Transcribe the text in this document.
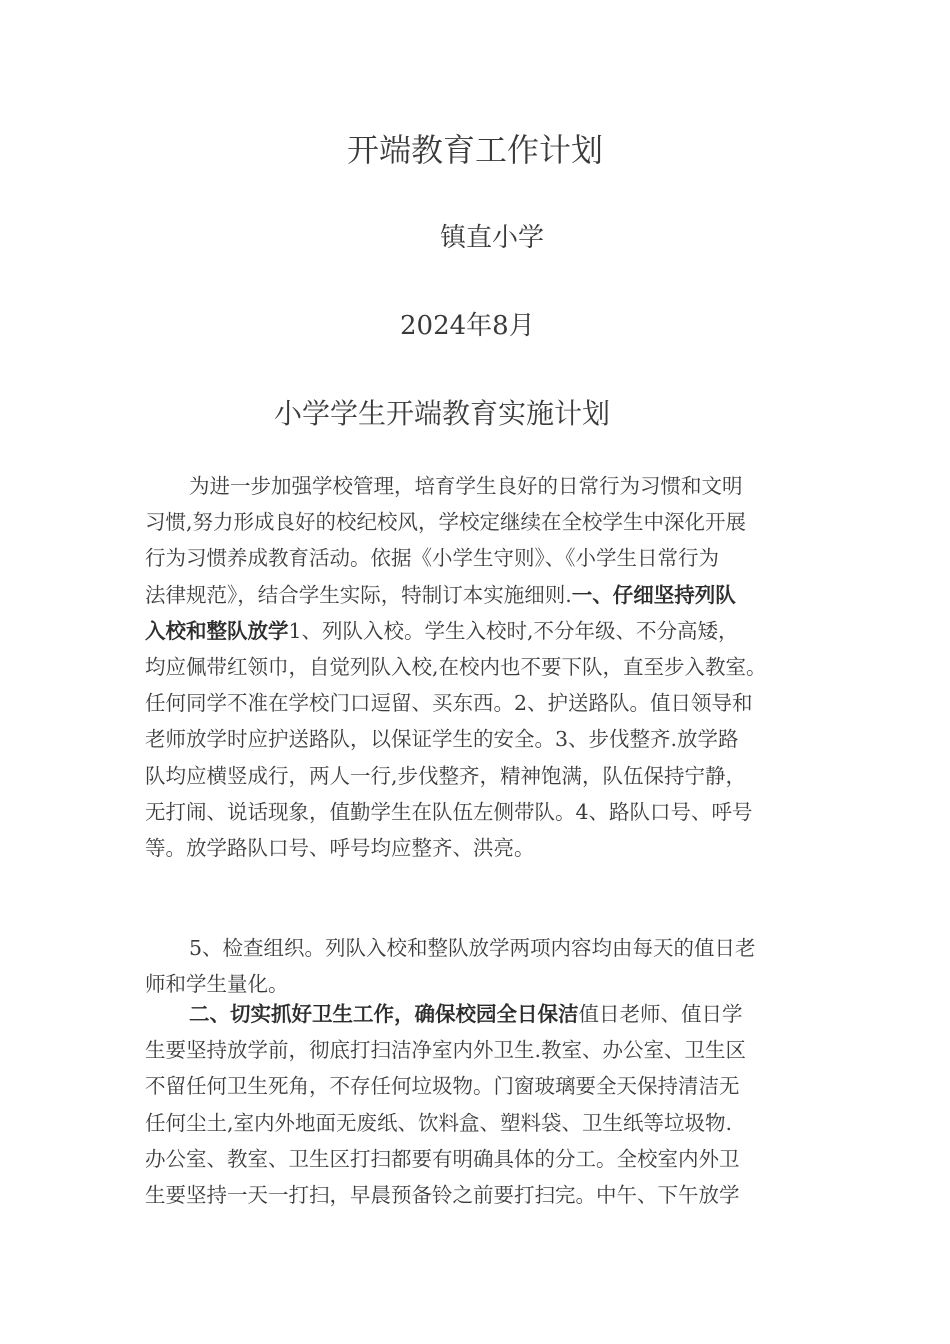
开端教育工作计划
镇直小学
2024年8月
小学学生开端教育实施计划
为进一步加强学校管理，培育学生良好的日常行为习惯和文明
习惯,努力形成良好的校纪校风，学校定继续在全校学生中深化开展
行为习惯养成教育活动。依据《小学生守则》、《小学生日常行为
法律规范》，结合学生实际，特制订本实施细则.一、仔细坚持列队
入校和整队放学1、列队入校。学生入校时,不分年级、不分高矮，
均应佩带红领巾，自觉列队入校,在校内也不要下队，直至步入教室。
任何同学不准在学校门口逗留、买东西。2、护送路队。值日领导和
老师放学时应护送路队，以保证学生的安全。3、步伐整齐.放学路
队均应横竖成行，两人一行,步伐整齐，精神饱满，队伍保持宁静，
无打闹、说话现象，值勤学生在队伍左侧带队。4、路队口号、呼号
等。放学路队口号、呼号均应整齐、洪亮。
5、检查组织。列队入校和整队放学两项内容均由每天的值日老
师和学生量化。
二、切实抓好卫生工作，确保校园全日保洁值日老师、值日学
生要坚持放学前，彻底打扫洁净室内外卫生.教室、办公室、卫生区
不留任何卫生死角，不存任何垃圾物。门窗玻璃要全天保持清洁无
任何尘土,室内外地面无废纸、饮料盒、塑料袋、卫生纸等垃圾物.
办公室、教室、卫生区打扫都要有明确具体的分工。全校室内外卫
生要坚持一天一打扫，早晨预备铃之前要打扫完。中午、下午放学
